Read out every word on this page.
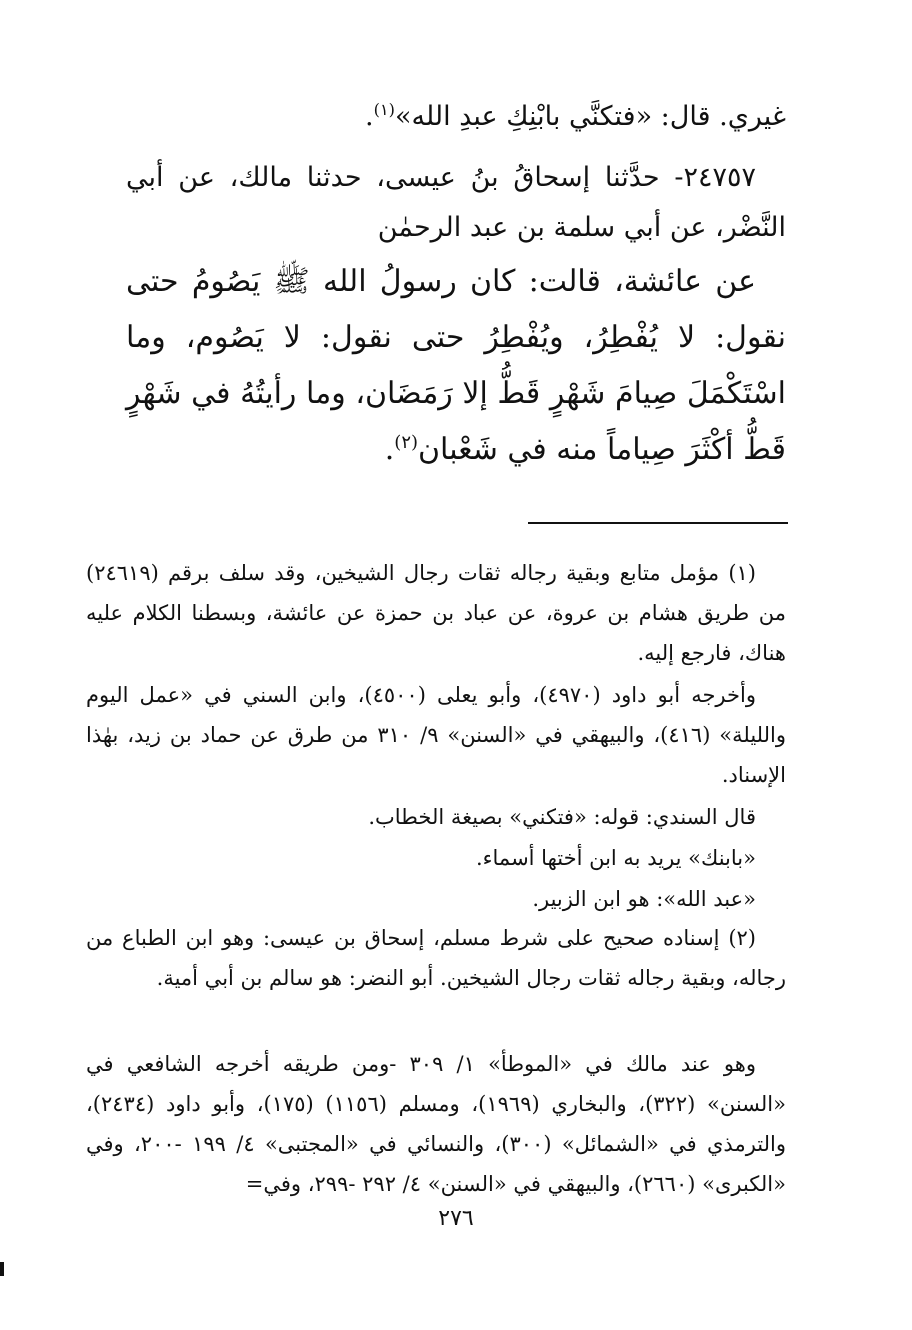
غيري. قال: «فتكنَّي بابْنِكِ عبدِ الله»$^{(١)}$.

٢٤٧٥٧- حدَّثنا إسحاقُ بنُ عيسى، حدثنا مالك، عن أبي النَّضْر، عن أبي سلمة بن عبد الرحمٰن

عن عائشة، قالت: كان رسولُ الله ﷺ يَصُومُ حتى نقول: لا يُفْطِرُ، ويُفْطِرُ حتى نقول: لا يَصُوم، وما اسْتَكْمَلَ صِيامَ شَهْرٍ قَطُّ إلا رَمَضَان، وما رأيتُهُ في شَهْرٍ قَطُّ أكْثَرَ صِياماً منه في شَعْبان$^{(٢)}$.

(١) مؤمل متابع وبقية رجاله ثقات رجال الشيخين، وقد سلف برقم (٢٤٦١٩) من طريق هشام بن عروة، عن عباد بن حمزة عن عائشة، وبسطنا الكلام عليه هناك، فارجع إليه.

وأخرجه أبو داود (٤٩٧٠)، وأبو يعلى (٤٥٠٠)، وابن السني في «عمل اليوم والليلة» (٤١٦)، والبيهقي في «السنن» ٩/ ٣١٠ من طرق عن حماد بن زيد، بهٰذا الإسناد.

قال السندي: قوله: «فتكني» بصيغة الخطاب.

«بابنك» يريد به ابن أختها أسماء.

«عبد الله»: هو ابن الزبير.

(٢) إسناده صحيح على شرط مسلم، إسحاق بن عيسى: وهو ابن الطباع من رجاله، وبقية رجاله ثقات رجال الشيخين. أبو النضر: هو سالم بن أبي أمية.

وهو عند مالك في «الموطأ» ١/ ٣٠٩ -ومن طريقه أخرجه الشافعي في «السنن» (٣٢٢)، والبخاري (١٩٦٩)، ومسلم (١١٥٦) (١٧٥)، وأبو داود (٢٤٣٤)، والترمذي في «الشمائل» (٣٠٠)، والنسائي في «المجتبى» ٤/ ١٩٩ -٢٠٠، وفي «الكبرى» (٢٦٦٠)، والبيهقي في «السنن» ٤/ ٢٩٢ -٢٩٩، وفي=

٢٧٦
